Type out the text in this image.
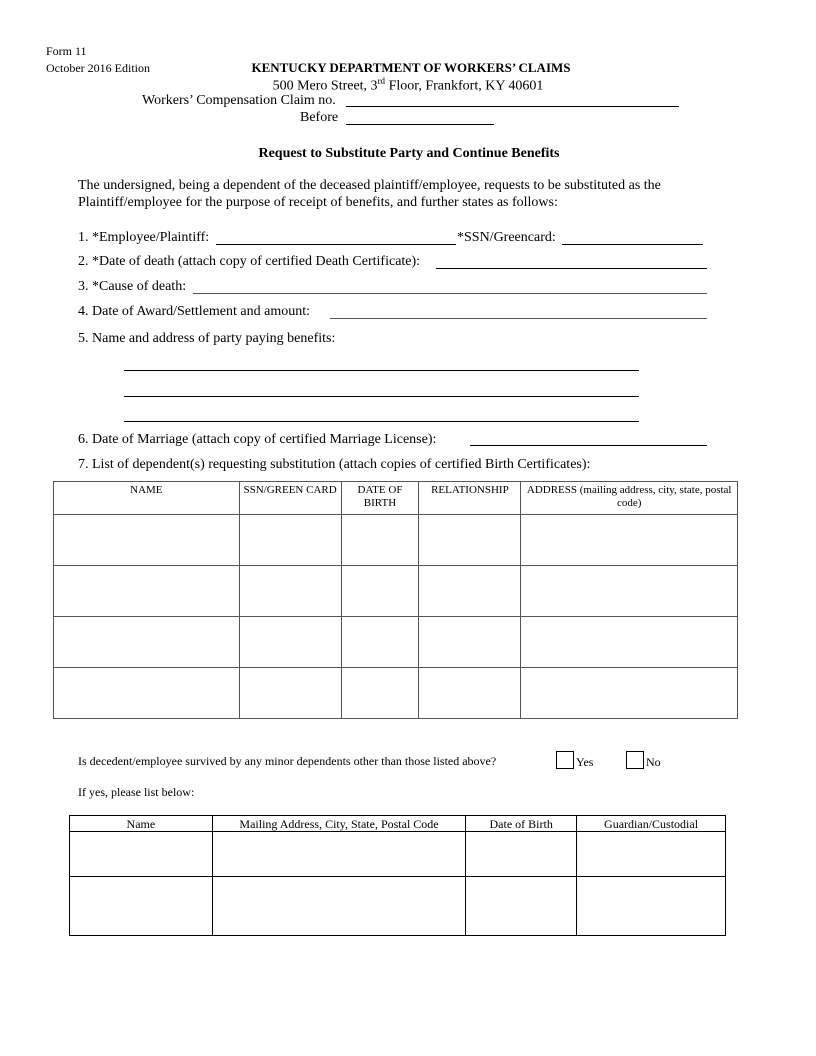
Form 11
October 2016 Edition	KENTUCKY DEPARTMENT OF WORKERS’ CLAIMS
500 Mero Street, 3rd Floor, Frankfort, KY 40601
Workers’ Compensation Claim no.
Before
Request to Substitute Party and Continue Benefits
The undersigned, being a dependent of the deceased plaintiff/employee, requests to be substituted as the
Plaintiff/employee for the purpose of receipt of benefits, and further states as follows:
1. *Employee/Plaintiff:	*SSN/Greencard:
2. *Date of death (attach copy of certified Death Certificate):
3. *Cause of death:
4. Date of Award/Settlement and amount:
5. Name and address of party paying benefits:
6. Date of Marriage (attach copy of certified Marriage License):
7. List of dependent(s) requesting substitution (attach copies of certified Birth Certificates):
NAME	SSN/GREEN CARD	DATE OF BIRTH	RELATIONSHIP	ADDRESS (mailing address, city, state, postal code)

Is decedent/employee survived by any minor dependents other than those listed above?	Yes	No
If yes, please list below:
Name	Mailing Address, City, State, Postal Code	Date of Birth	Guardian/Custodial
